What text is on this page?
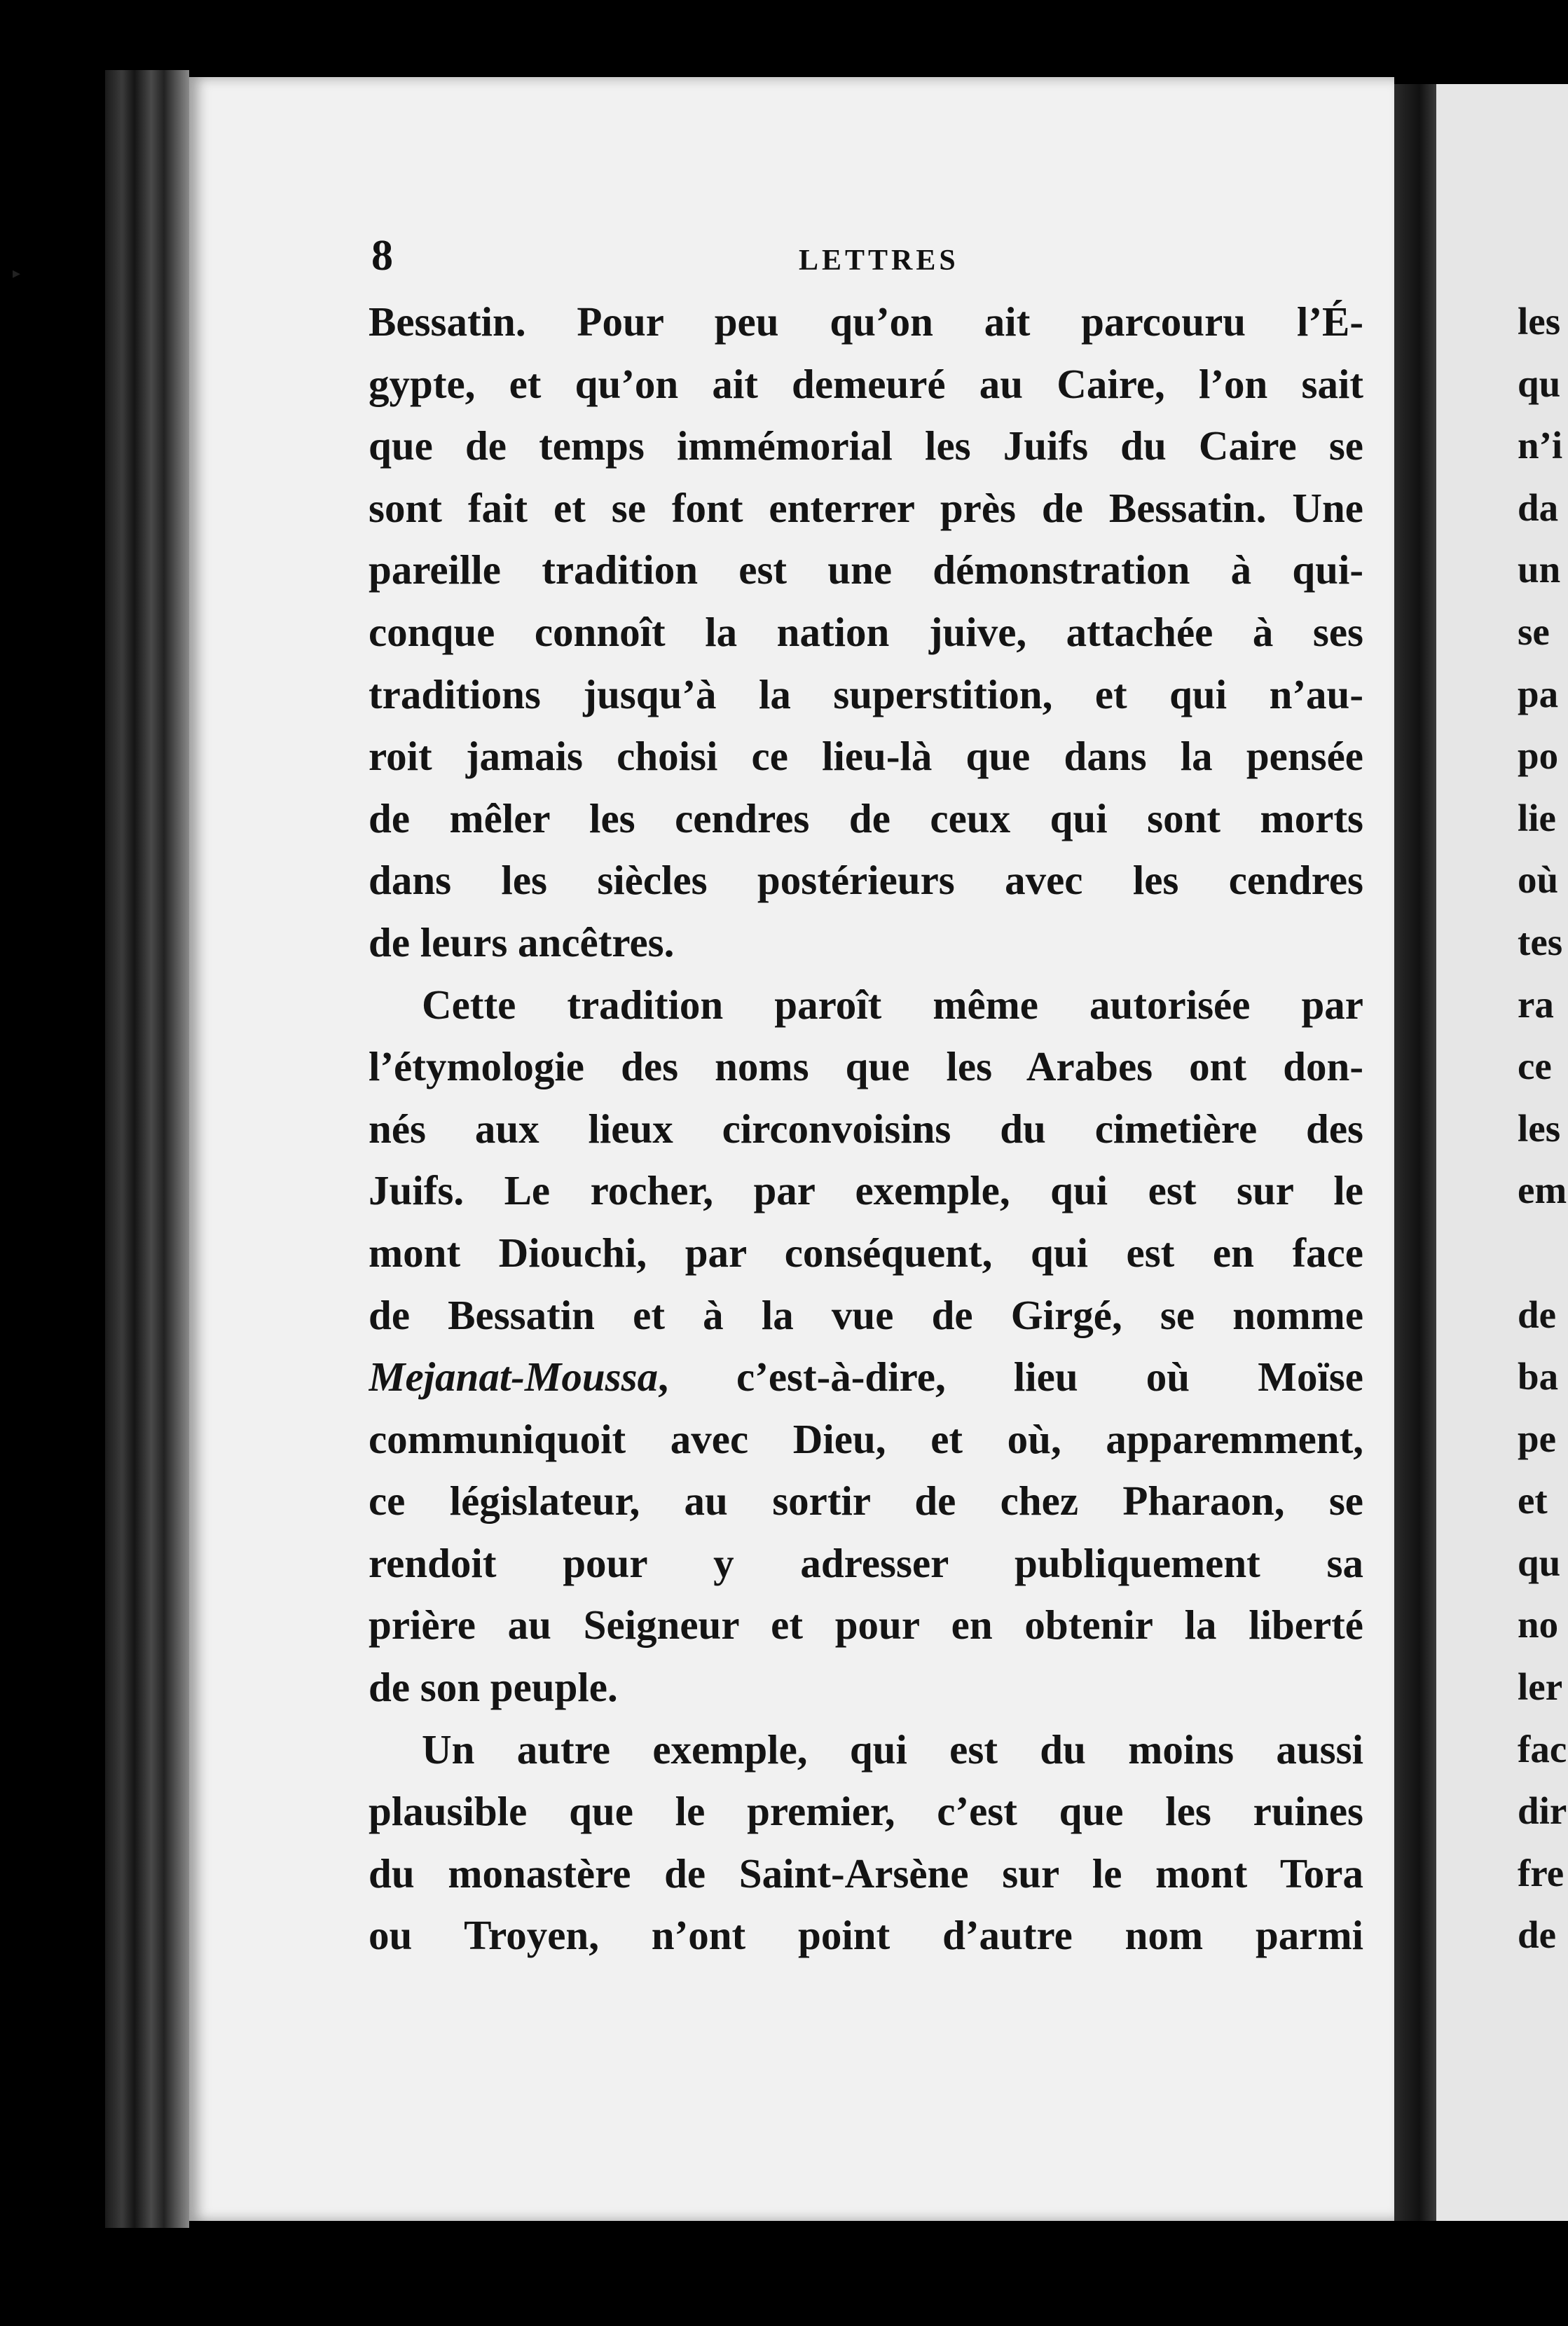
▸	8	LETTRES
Bessatin. Pour peu qu’on ait parcouru l’É-
gypte, et qu’on ait demeuré au Caire, l’on sait
que de temps immémorial les Juifs du Caire se
sont fait et se font enterrer près de Bessatin. Une
pareille tradition est une démonstration à qui-
conque connoît la nation juive, attachée à ses
traditions jusqu’à la superstition, et qui n’au-
roit jamais choisi ce lieu-là que dans la pensée
de mêler les cendres de ceux qui sont morts
dans les siècles postérieurs avec les cendres
de leurs ancêtres.
Cette tradition paroît même autorisée par
l’étymologie des noms que les Arabes ont don-
nés aux lieux circonvoisins du cimetière des
Juifs. Le rocher, par exemple, qui est sur le
mont Diouchi, par conséquent, qui est en face
de Bessatin et à la vue de Girgé, se nomme
Mejanat-Moussa, c’est-à-dire, lieu où Moïse
communiquoit avec Dieu, et où, apparemment,
ce législateur, au sortir de chez Pharaon, se
rendoit pour y adresser publiquement sa
prière au Seigneur et pour en obtenir la liberté
de son peuple.
Un autre exemple, qui est du moins aussi
plausible que le premier, c’est que les ruines
du monastère de Saint-Arsène sur le mont Tora
ou Troyen, n’ont point d’autre nom parmi
les
qu
n’i
da
un
se
pa
po
lie
où
tes
ra
ce
les
em
de
ba
pe
et
qu
no
ler
fac
dir
fre
de
